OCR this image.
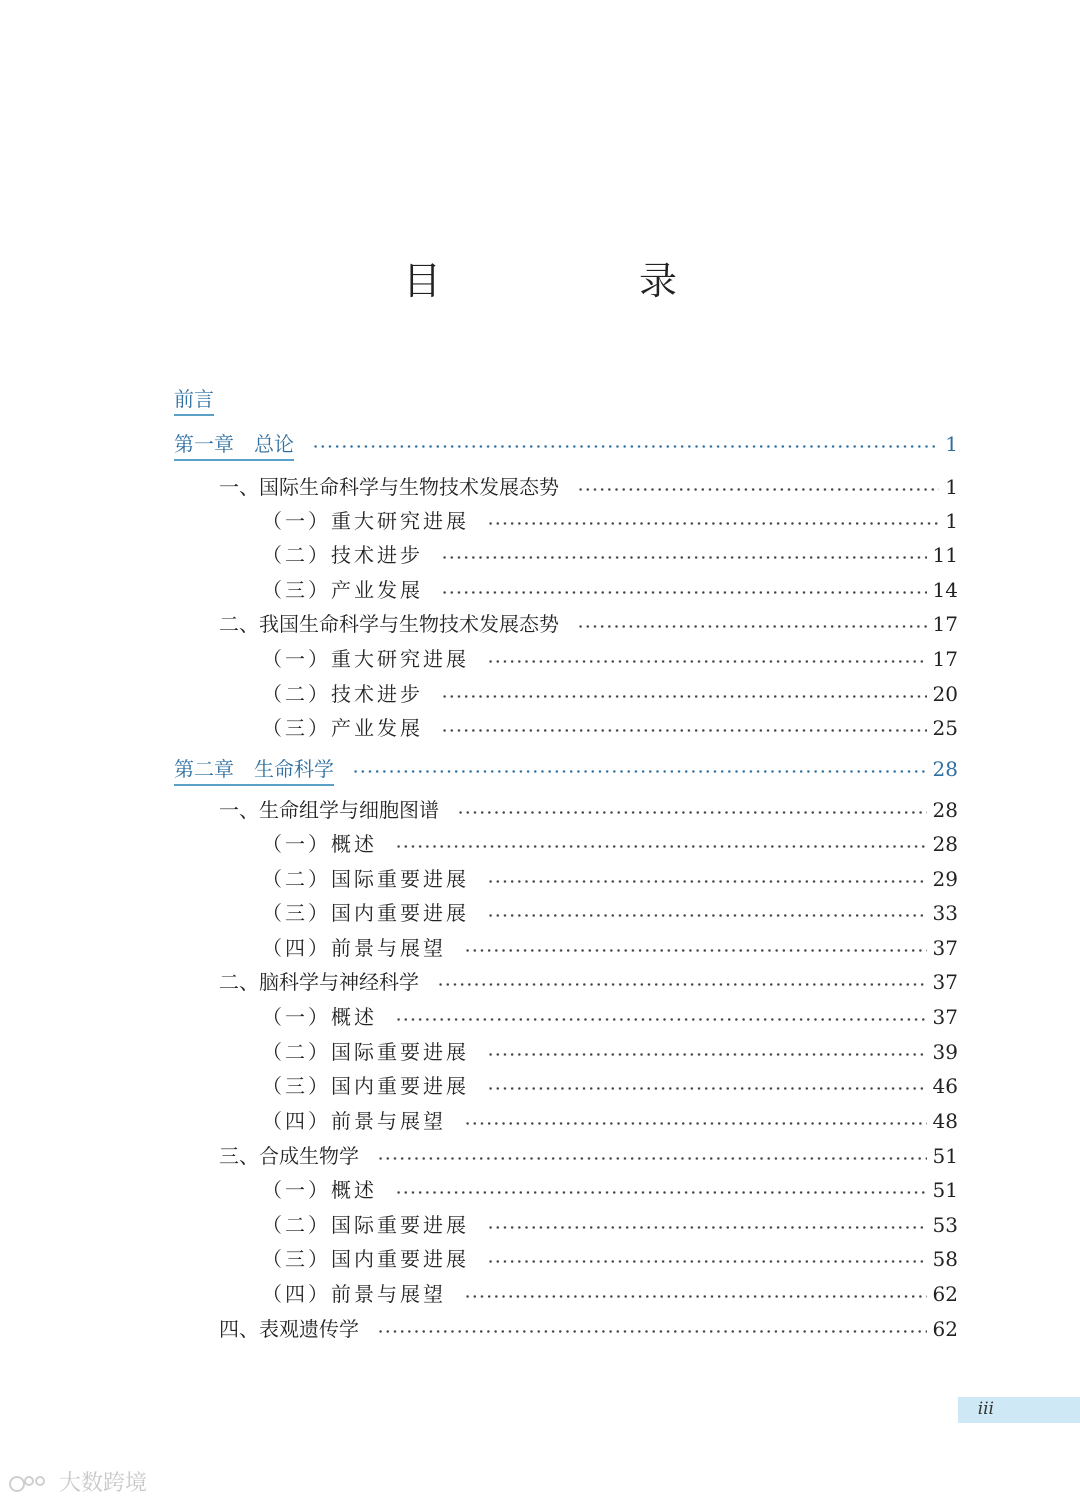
目　录
前言
第一章　总论	1
一、国际生命科学与生物技术发展态势	1
（一）重大研究进展	1
（二）技术进步	11
（三）产业发展	14
二、我国生命科学与生物技术发展态势	17
（一）重大研究进展	17
（二）技术进步	20
（三）产业发展	25
第二章　生命科学	28
一、生命组学与细胞图谱	28
（一）概述	28
（二）国际重要进展	29
（三）国内重要进展	33
（四）前景与展望	37
二、脑科学与神经科学	37
（一）概述	37
（二）国际重要进展	39
（三）国内重要进展	46
（四）前景与展望	48
三、合成生物学	51
（一）概述	51
（二）国际重要进展	53
（三）国内重要进展	58
（四）前景与展望	62
四、表观遗传学	62
iii
大数跨境
